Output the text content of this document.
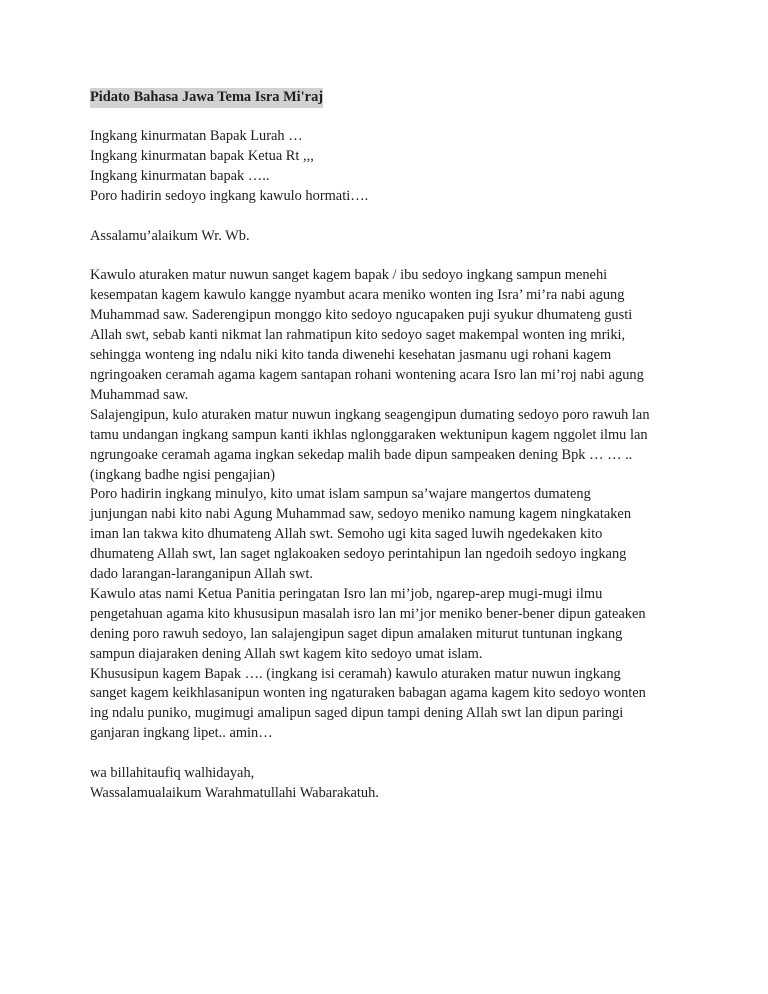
Pidato Bahasa Jawa Tema Isra Mi'raj
Ingkang kinurmatan Bapak Lurah …
Ingkang kinurmatan bapak Ketua Rt ,,,
Ingkang kinurmatan bapak …..
Poro hadirin sedoyo ingkang kawulo hormati….
Assalamu’alaikum Wr. Wb.
Kawulo aturaken matur nuwun sanget kagem bapak / ibu sedoyo ingkang sampun menehi
kesempatan kagem kawulo kangge nyambut acara meniko wonten ing Isra’ mi’ra nabi agung
Muhammad saw. Saderengipun monggo kito sedoyo ngucapaken puji syukur dhumateng gusti
Allah swt, sebab kanti nikmat lan rahmatipun kito sedoyo saget makempal wonten ing mriki,
sehingga wonteng ing ndalu niki kito tanda diwenehi kesehatan jasmanu ugi rohani kagem
ngringoaken ceramah agama kagem santapan rohani wontening acara Isro lan mi’roj nabi agung
Muhammad saw.
Salajengipun, kulo aturaken matur nuwun ingkang seagengipun dumating sedoyo poro rawuh lan
tamu undangan ingkang sampun kanti ikhlas nglonggaraken wektunipun kagem nggolet ilmu lan
ngrungoake ceramah agama ingkan sekedap malih bade dipun sampeaken dening Bpk … … ..
(ingkang badhe ngisi pengajian)
Poro hadirin ingkang minulyo, kito umat islam sampun sa’wajare mangertos dumateng
junjungan nabi kito nabi Agung Muhammad saw, sedoyo meniko namung kagem ningkataken
iman lan takwa kito dhumateng Allah swt. Semoho ugi kita saged luwih ngedekaken kito
dhumateng Allah swt, lan saget nglakoaken sedoyo perintahipun lan ngedoih sedoyo ingkang
dado larangan-laranganipun Allah swt.
Kawulo atas nami Ketua Panitia peringatan Isro lan mi’job, ngarep-arep mugi-mugi ilmu
pengetahuan agama kito khususipun masalah isro lan mi’jor meniko bener-bener dipun gateaken
dening poro rawuh sedoyo, lan salajengipun saget dipun amalaken miturut tuntunan ingkang
sampun diajaraken dening Allah swt kagem kito sedoyo umat islam.
Khususipun kagem Bapak …. (ingkang isi ceramah) kawulo aturaken matur nuwun ingkang
sanget kagem keikhlasanipun wonten ing ngaturaken babagan agama kagem kito sedoyo wonten
ing ndalu puniko, mugimugi amalipun saged dipun tampi dening Allah swt lan dipun paringi
ganjaran ingkang lipet.. amin…
wa billahitaufiq walhidayah,
Wassalamualaikum Warahmatullahi Wabarakatuh.
